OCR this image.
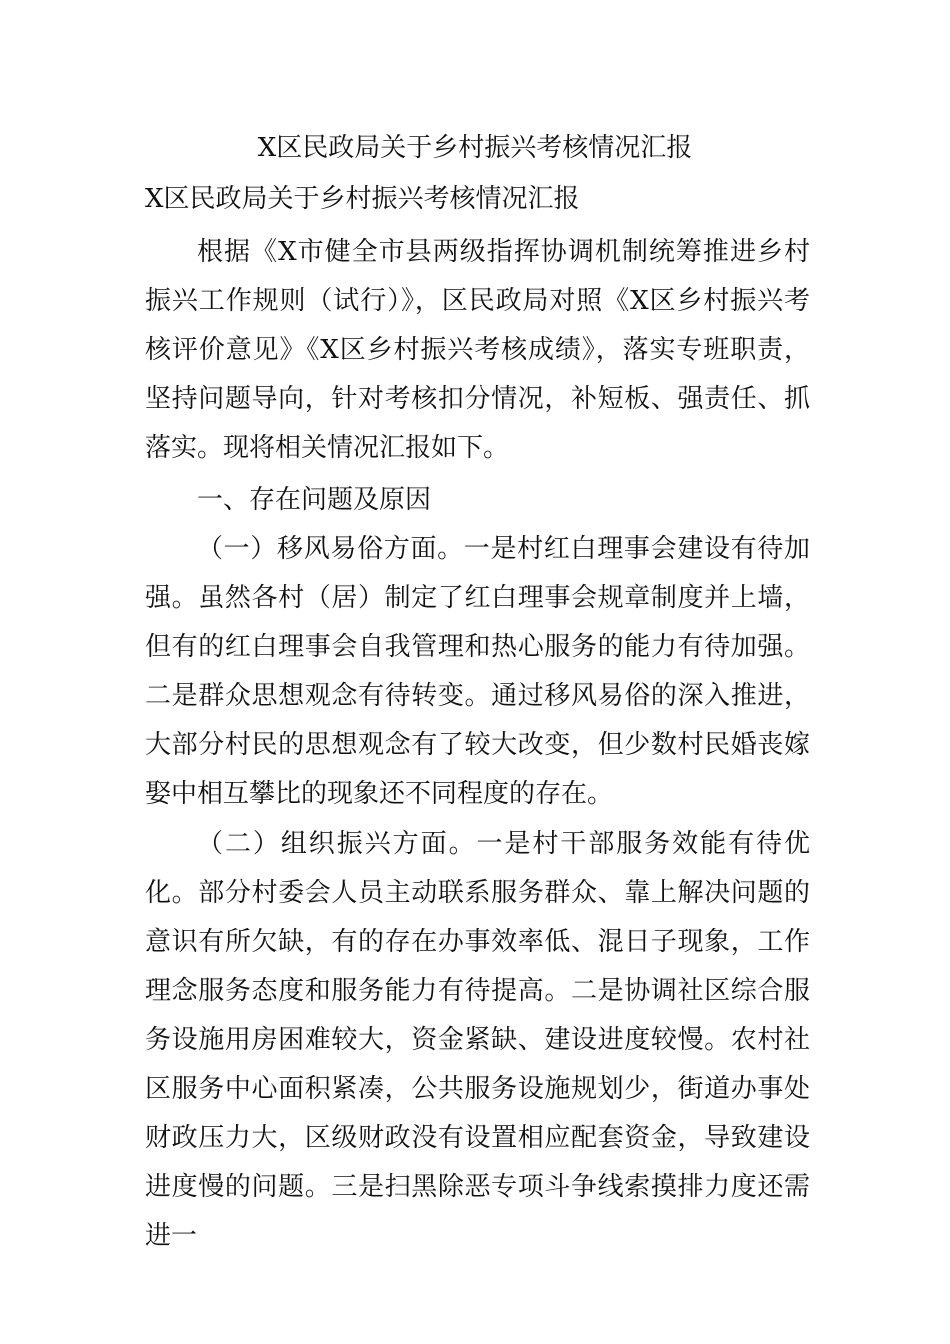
X区民政局关于乡村振兴考核情况汇报
X区民政局关于乡村振兴考核情况汇报

根据《X市健全市县两级指挥协调机制统筹推进乡村振兴工作规则（试行）》，区民政局对照《X区乡村振兴考核评价意见》《X区乡村振兴考核成绩》，落实专班职责，坚持问题导向，针对考核扣分情况，补短板、强责任、抓落实。现将相关情况汇报如下。

一、存在问题及原因

（一）移风易俗方面。一是村红白理事会建设有待加强。虽然各村（居）制定了红白理事会规章制度并上墙，但有的红白理事会自我管理和热心服务的能力有待加强。二是群众思想观念有待转变。通过移风易俗的深入推进，大部分村民的思想观念有了较大改变，但少数村民婚丧嫁娶中相互攀比的现象还不同程度的存在。

（二）组织振兴方面。一是村干部服务效能有待优化。部分村委会人员主动联系服务群众、靠上解决问题的意识有所欠缺，有的存在办事效率低、混日子现象，工作理念服务态度和服务能力有待提高。二是协调社区综合服务设施用房困难较大，资金紧缺、建设进度较慢。农村社区服务中心面积紧凑，公共服务设施规划少，街道办事处财政压力大，区级财政没有设置相应配套资金，导致建设进度慢的问题。三是扫黑除恶专项斗争线索摸排力度还需进一
